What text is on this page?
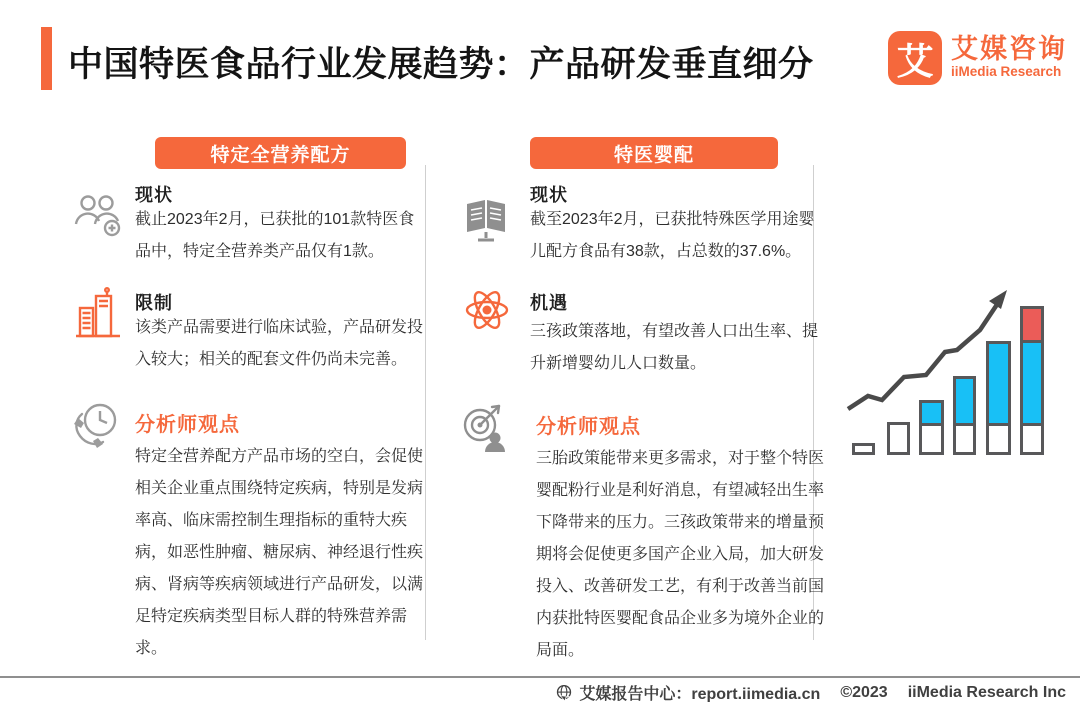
中国特医食品行业发展趋势：产品研发垂直细分	艾 艾媒咨询
iiMedia Research
特定全营养配方	特医婴配
现状
截止2023年2月，已获批的101款特医食品中，特定全营养类产品仅有1款。
限制
该类产品需要进行临床试验，产品研发投入较大；相关的配套文件仍尚未完善。
分析师观点
特定全营养配方产品市场的空白，会促使相关企业重点围绕特定疾病，特别是发病率高、临床需控制生理指标的重特大疾病，如恶性肿瘤、糖尿病、神经退行性疾病、肾病等疾病领域进行产品研发，以满足特定疾病类型目标人群的特殊营养需求。
现状
截至2023年2月，已获批特殊医学用途婴儿配方食品有38款，占总数的37.6%。
机遇
三孩政策落地，有望改善人口出生率、提升新增婴幼儿人口数量。
分析师观点
三胎政策能带来更多需求，对于整个特医婴配粉行业是利好消息，有望减轻出生率下降带来的压力。三孩政策带来的增量预期将会促使更多国产企业入局，加大研发投入、改善研发工艺，有利于改善当前国内获批特医婴配食品企业多为境外企业的局面。
艾媒报告中心：report.iimedia.cn ©2023 iiMedia Research Inc
